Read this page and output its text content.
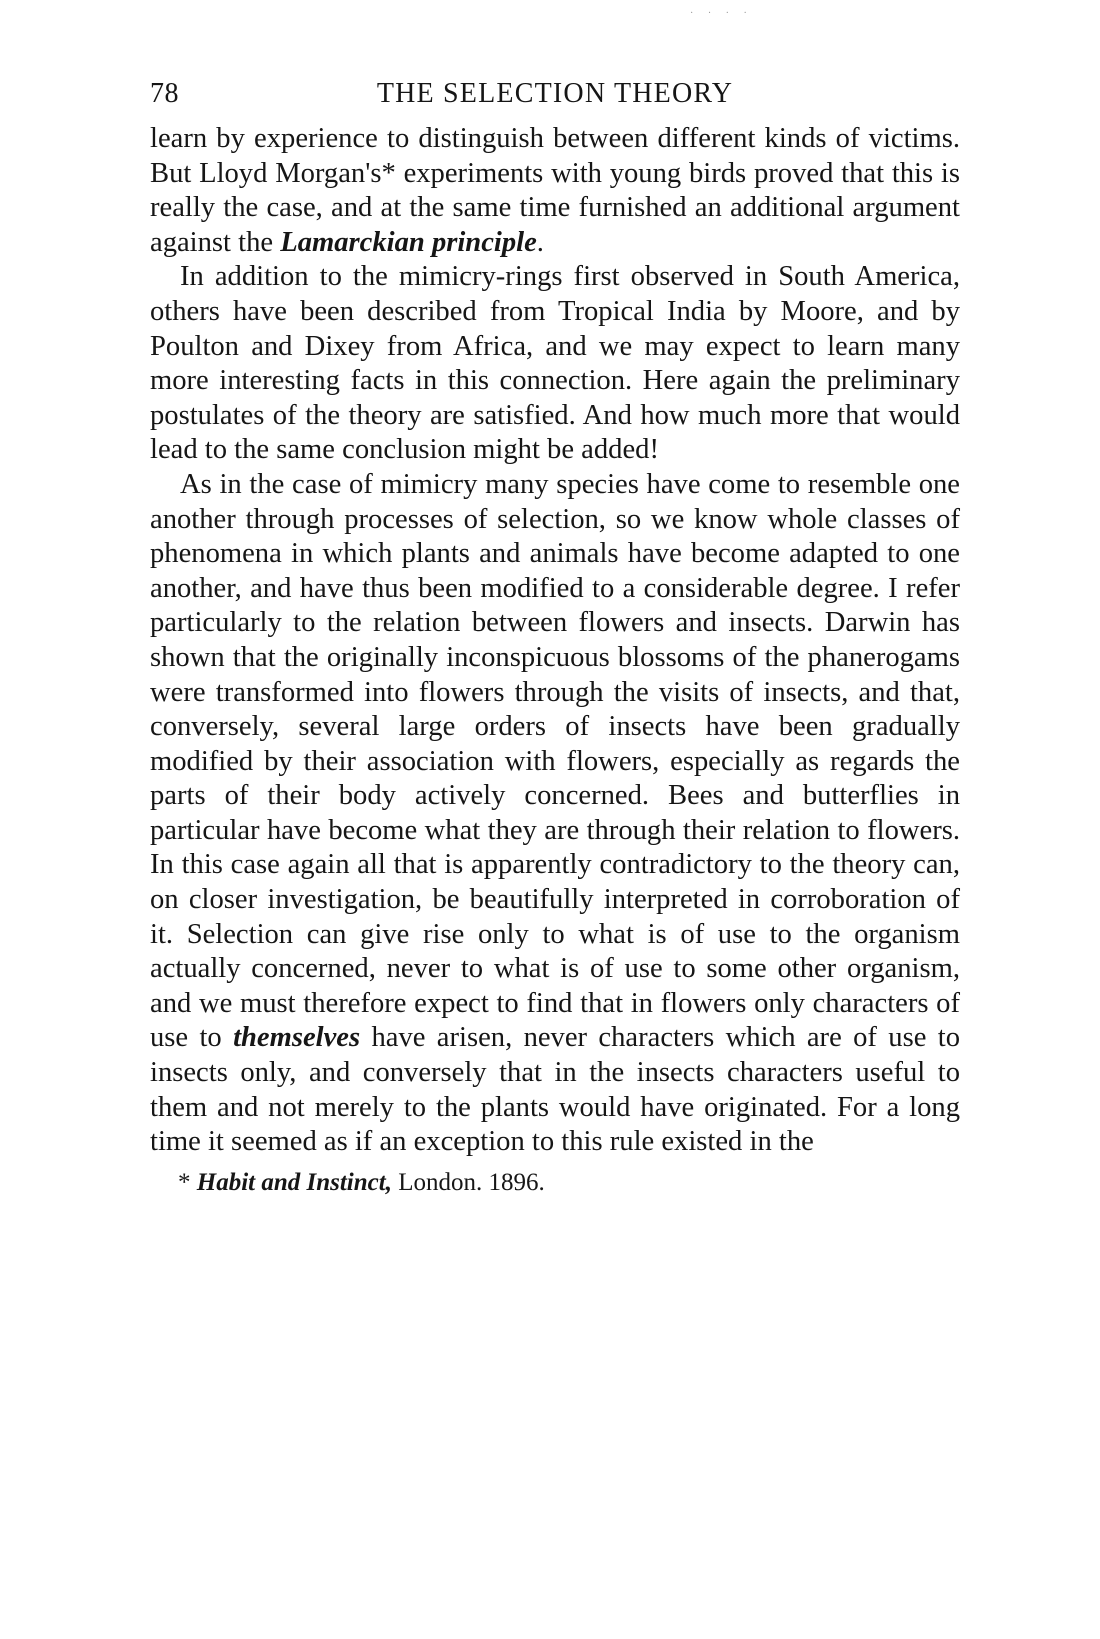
· · · ·
78	THE SELECTION THEORY

learn by experience to distinguish between different kinds of victims. But Lloyd Morgan's* experiments with young birds proved that this is really the case, and at the same time furnished an additional argument against the Lamarckian principle.

In addition to the mimicry-rings first observed in South America, others have been described from Tropical India by Moore, and by Poulton and Dixey from Africa, and we may expect to learn many more interesting facts in this connection. Here again the preliminary postulates of the theory are satisfied. And how much more that would lead to the same conclusion might be added!

As in the case of mimicry many species have come to resemble one another through processes of selection, so we know whole classes of phenomena in which plants and animals have become adapted to one another, and have thus been modified to a considerable degree. I refer particularly to the relation between flowers and insects. Darwin has shown that the originally inconspicuous blossoms of the phanerogams were transformed into flowers through the visits of insects, and that, conversely, several large orders of insects have been gradually modified by their association with flowers, especially as regards the parts of their body actively concerned. Bees and butterflies in particular have become what they are through their relation to flowers. In this case again all that is apparently contradictory to the theory can, on closer investigation, be beautifully interpreted in corroboration of it. Selection can give rise only to what is of use to the organism actually concerned, never to what is of use to some other organism, and we must therefore expect to find that in flowers only characters of use to themselves have arisen, never characters which are of use to insects only, and conversely that in the insects characters useful to them and not merely to the plants would have originated. For a long time it seemed as if an exception to this rule existed in the

* Habit and Instinct, London. 1896.
